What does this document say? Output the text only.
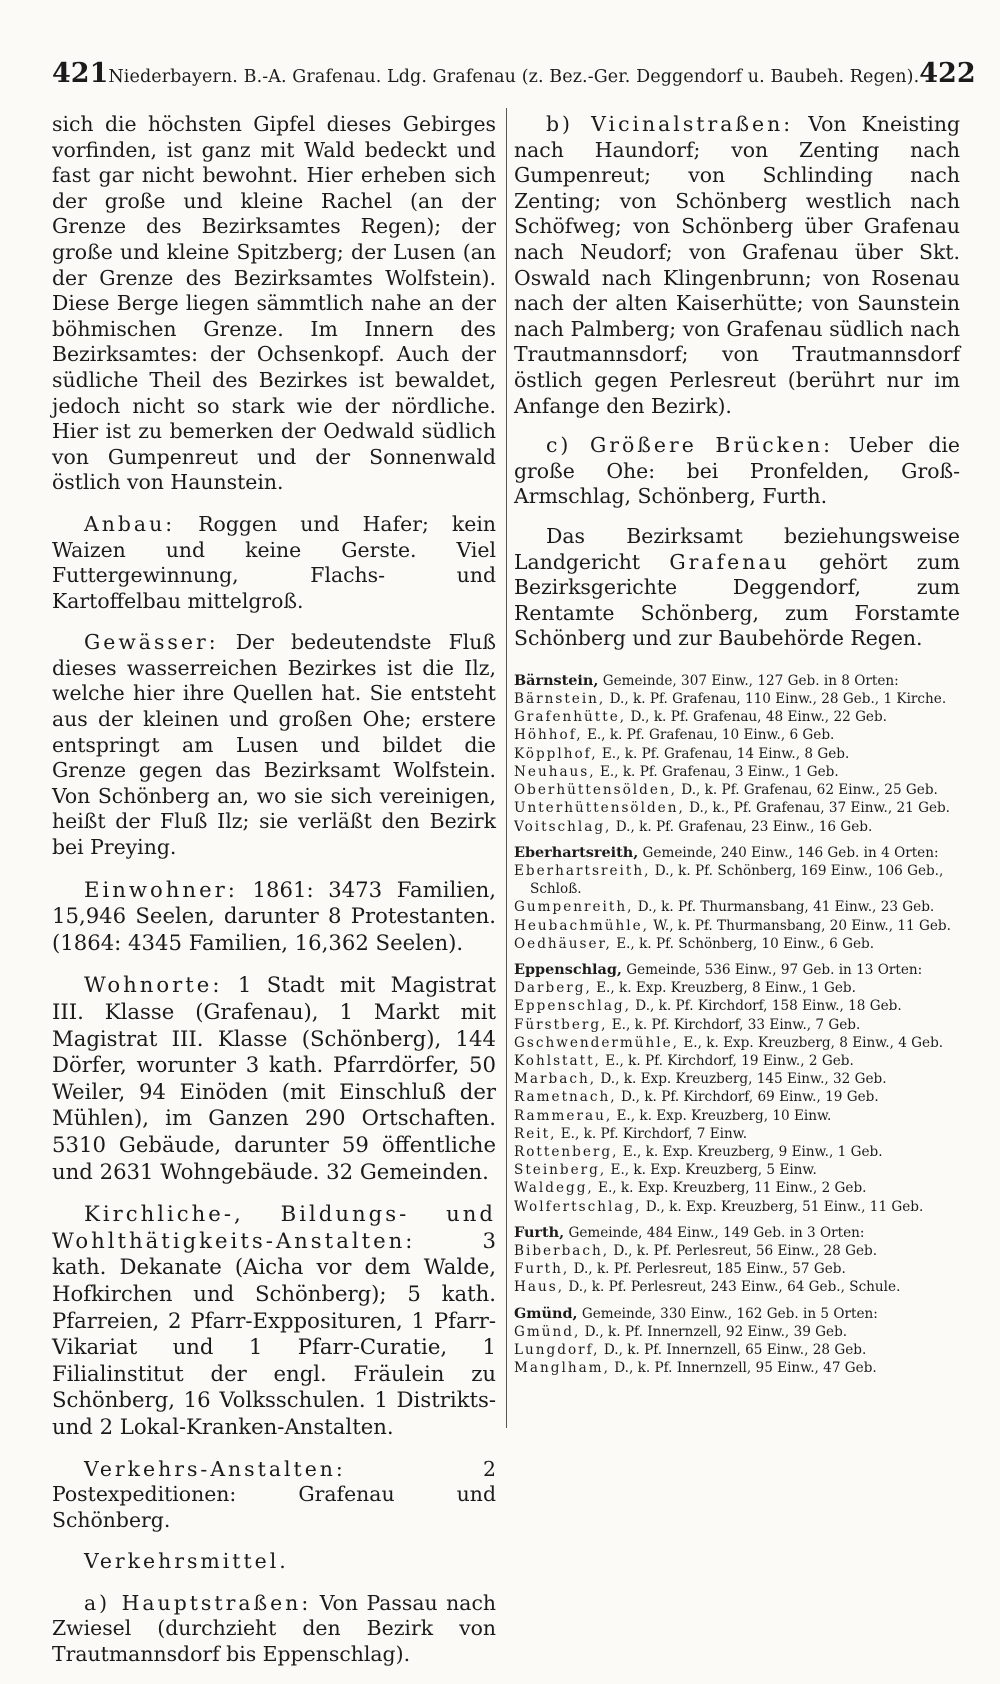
421 Niederbayern. B.-A. Grafenau. Ldg. Grafenau (z. Bez.-Ger. Deggendorf u. Baubeh. Regen). 422

sich die höchsten Gipfel dieses Gebirges vorfinden, ist ganz mit Wald bedeckt und fast gar nicht bewohnt. Hier erheben sich der große und kleine Rachel (an der Grenze des Bezirksamtes Regen); der große und kleine Spitzberg; der Lusen (an der Grenze des Bezirksamtes Wolfstein). Diese Berge liegen sämmtlich nahe an der böhmischen Grenze. Im Innern des Bezirksamtes: der Ochsenkopf. Auch der südliche Theil des Bezirkes ist bewaldet, jedoch nicht so stark wie der nördliche. Hier ist zu bemerken der Oedwald südlich von Gumpenreut und der Sonnenwald östlich von Haunstein.

Anbau: Roggen und Hafer; kein Waizen und keine Gerste. Viel Futtergewinnung, Flachs- und Kartoffelbau mittelgroß.

Gewässer: Der bedeutendste Fluß dieses wasserreichen Bezirkes ist die Ilz, welche hier ihre Quellen hat. Sie entsteht aus der kleinen und großen Ohe; erstere entspringt am Lusen und bildet die Grenze gegen das Bezirksamt Wolfstein. Von Schönberg an, wo sie sich vereinigen, heißt der Fluß Ilz; sie verläßt den Bezirk bei Preying.

Einwohner: 1861: 3473 Familien, 15,946 Seelen, darunter 8 Protestanten. (1864: 4345 Familien, 16,362 Seelen).

Wohnorte: 1 Stadt mit Magistrat III. Klasse (Grafenau), 1 Markt mit Magistrat III. Klasse (Schönberg), 144 Dörfer, worunter 3 kath. Pfarrdörfer, 50 Weiler, 94 Einöden (mit Einschluß der Mühlen), im Ganzen 290 Ortschaften. 5310 Gebäude, darunter 59 öffentliche und 2631 Wohngebäude. 32 Gemeinden.

Kirchliche-, Bildungs- und Wohlthätigkeits-Anstalten:	3 kath. Dekanate (Aicha vor dem Walde, Hofkirchen und Schönberg); 5 kath. Pfarreien, 2 Pfarr-Expposituren, 1 Pfarr-Vikariat und 1 Pfarr-Curatie, 1 Filialinstitut der engl. Fräulein zu Schönberg, 16 Volksschulen. 1 Distrikts- und 2 Lokal-Kranken-Anstalten.

Verkehrs-Anstalten:	2 Postexpeditionen: Grafenau und Schönberg.

Verkehrsmittel.

a) Hauptstraßen: Von Passau nach Zwiesel (durchzieht den Bezirk von Trautmannsdorf bis Eppenschlag).

b) Vicinalstraßen: Von Kneisting nach Haundorf; von Zenting nach Gumpenreut; von Schlinding nach Zenting; von Schönberg westlich nach Schöfweg; von Schönberg über Grafenau nach Neudorf; von Grafenau über Skt. Oswald nach Klingenbrunn; von Rosenau nach der alten Kaiserhütte; von Saunstein nach Palmberg; von Grafenau südlich nach Trautmannsdorf; von Trautmannsdorf östlich gegen Perlesreut (berührt nur im Anfange den Bezirk).

c) Größere Brücken: Ueber die große Ohe: bei Pronfelden, Groß-Armschlag, Schönberg, Furth.

Das Bezirksamt beziehungsweise Landgericht Grafenau gehört zum Bezirksgerichte Deggendorf, zum Rentamte Schönberg, zum Forstamte Schönberg und zur Baubehörde Regen.

Bärnstein, Gemeinde, 307 Einw., 127 Geb. in 8 Orten:

Bärnstein, D., k. Pf. Grafenau, 110 Einw., 28 Geb., 1 Kirche.

Grafenhütte, D., k. Pf. Grafenau, 48 Einw., 22 Geb.

Höhhof, E., k. Pf. Grafenau, 10 Einw., 6 Geb.

Köpplhof, E., k. Pf. Grafenau, 14 Einw., 8 Geb.

Neuhaus, E., k. Pf. Grafenau, 3 Einw., 1 Geb.

Oberhüttensölden, D., k. Pf. Grafenau, 62 Einw., 25 Geb.

Unterhüttensölden, D., k., Pf. Grafenau, 37 Einw., 21 Geb.

Voitschlag, D., k. Pf. Grafenau, 23 Einw., 16 Geb.

Eberhartsreith, Gemeinde, 240 Einw., 146 Geb. in 4 Orten:

Eberhartsreith, D., k. Pf. Schönberg, 169 Einw., 106 Geb., Schloß.

Gumpenreith, D., k. Pf. Thurmansbang, 41 Einw., 23 Geb.

Heubachmühle, W., k. Pf. Thurmansbang, 20 Einw., 11 Geb.

Oedhäuser, E., k. Pf. Schönberg, 10 Einw., 6 Geb.

Eppenschlag, Gemeinde, 536 Einw., 97 Geb. in 13 Orten:

Darberg, E., k. Exp. Kreuzberg, 8 Einw., 1 Geb.

Eppenschlag, D., k. Pf. Kirchdorf, 158 Einw., 18 Geb.

Fürstberg, E., k. Pf. Kirchdorf, 33 Einw., 7 Geb.

Gschwendermühle, E., k. Exp. Kreuzberg, 8 Einw., 4 Geb.

Kohlstatt, E., k. Pf. Kirchdorf, 19 Einw., 2 Geb.

Marbach, D., k. Exp. Kreuzberg, 145 Einw., 32 Geb.

Rametnach, D., k. Pf. Kirchdorf, 69 Einw., 19 Geb.

Rammerau, E., k. Exp. Kreuzberg, 10 Einw.

Reit, E., k. Pf. Kirchdorf, 7 Einw.

Rottenberg, E., k. Exp. Kreuzberg, 9 Einw., 1 Geb.

Steinberg, E., k. Exp. Kreuzberg, 5 Einw.

Waldegg, E., k. Exp. Kreuzberg, 11 Einw., 2 Geb.

Wolfertschlag, D., k. Exp. Kreuzberg, 51 Einw., 11 Geb.

Furth, Gemeinde, 484 Einw., 149 Geb. in 3 Orten:

Biberbach, D., k. Pf. Perlesreut, 56 Einw., 28 Geb.

Furth, D., k. Pf. Perlesreut, 185 Einw., 57 Geb.

Haus, D., k. Pf. Perlesreut, 243 Einw., 64 Geb., Schule.

Gmünd, Gemeinde, 330 Einw., 162 Geb. in 5 Orten:

Gmünd, D., k. Pf. Innernzell, 92 Einw., 39 Geb.

Lungdorf, D., k. Pf. Innernzell, 65 Einw., 28 Geb.

Manglham, D., k. Pf. Innernzell, 95 Einw., 47 Geb.
